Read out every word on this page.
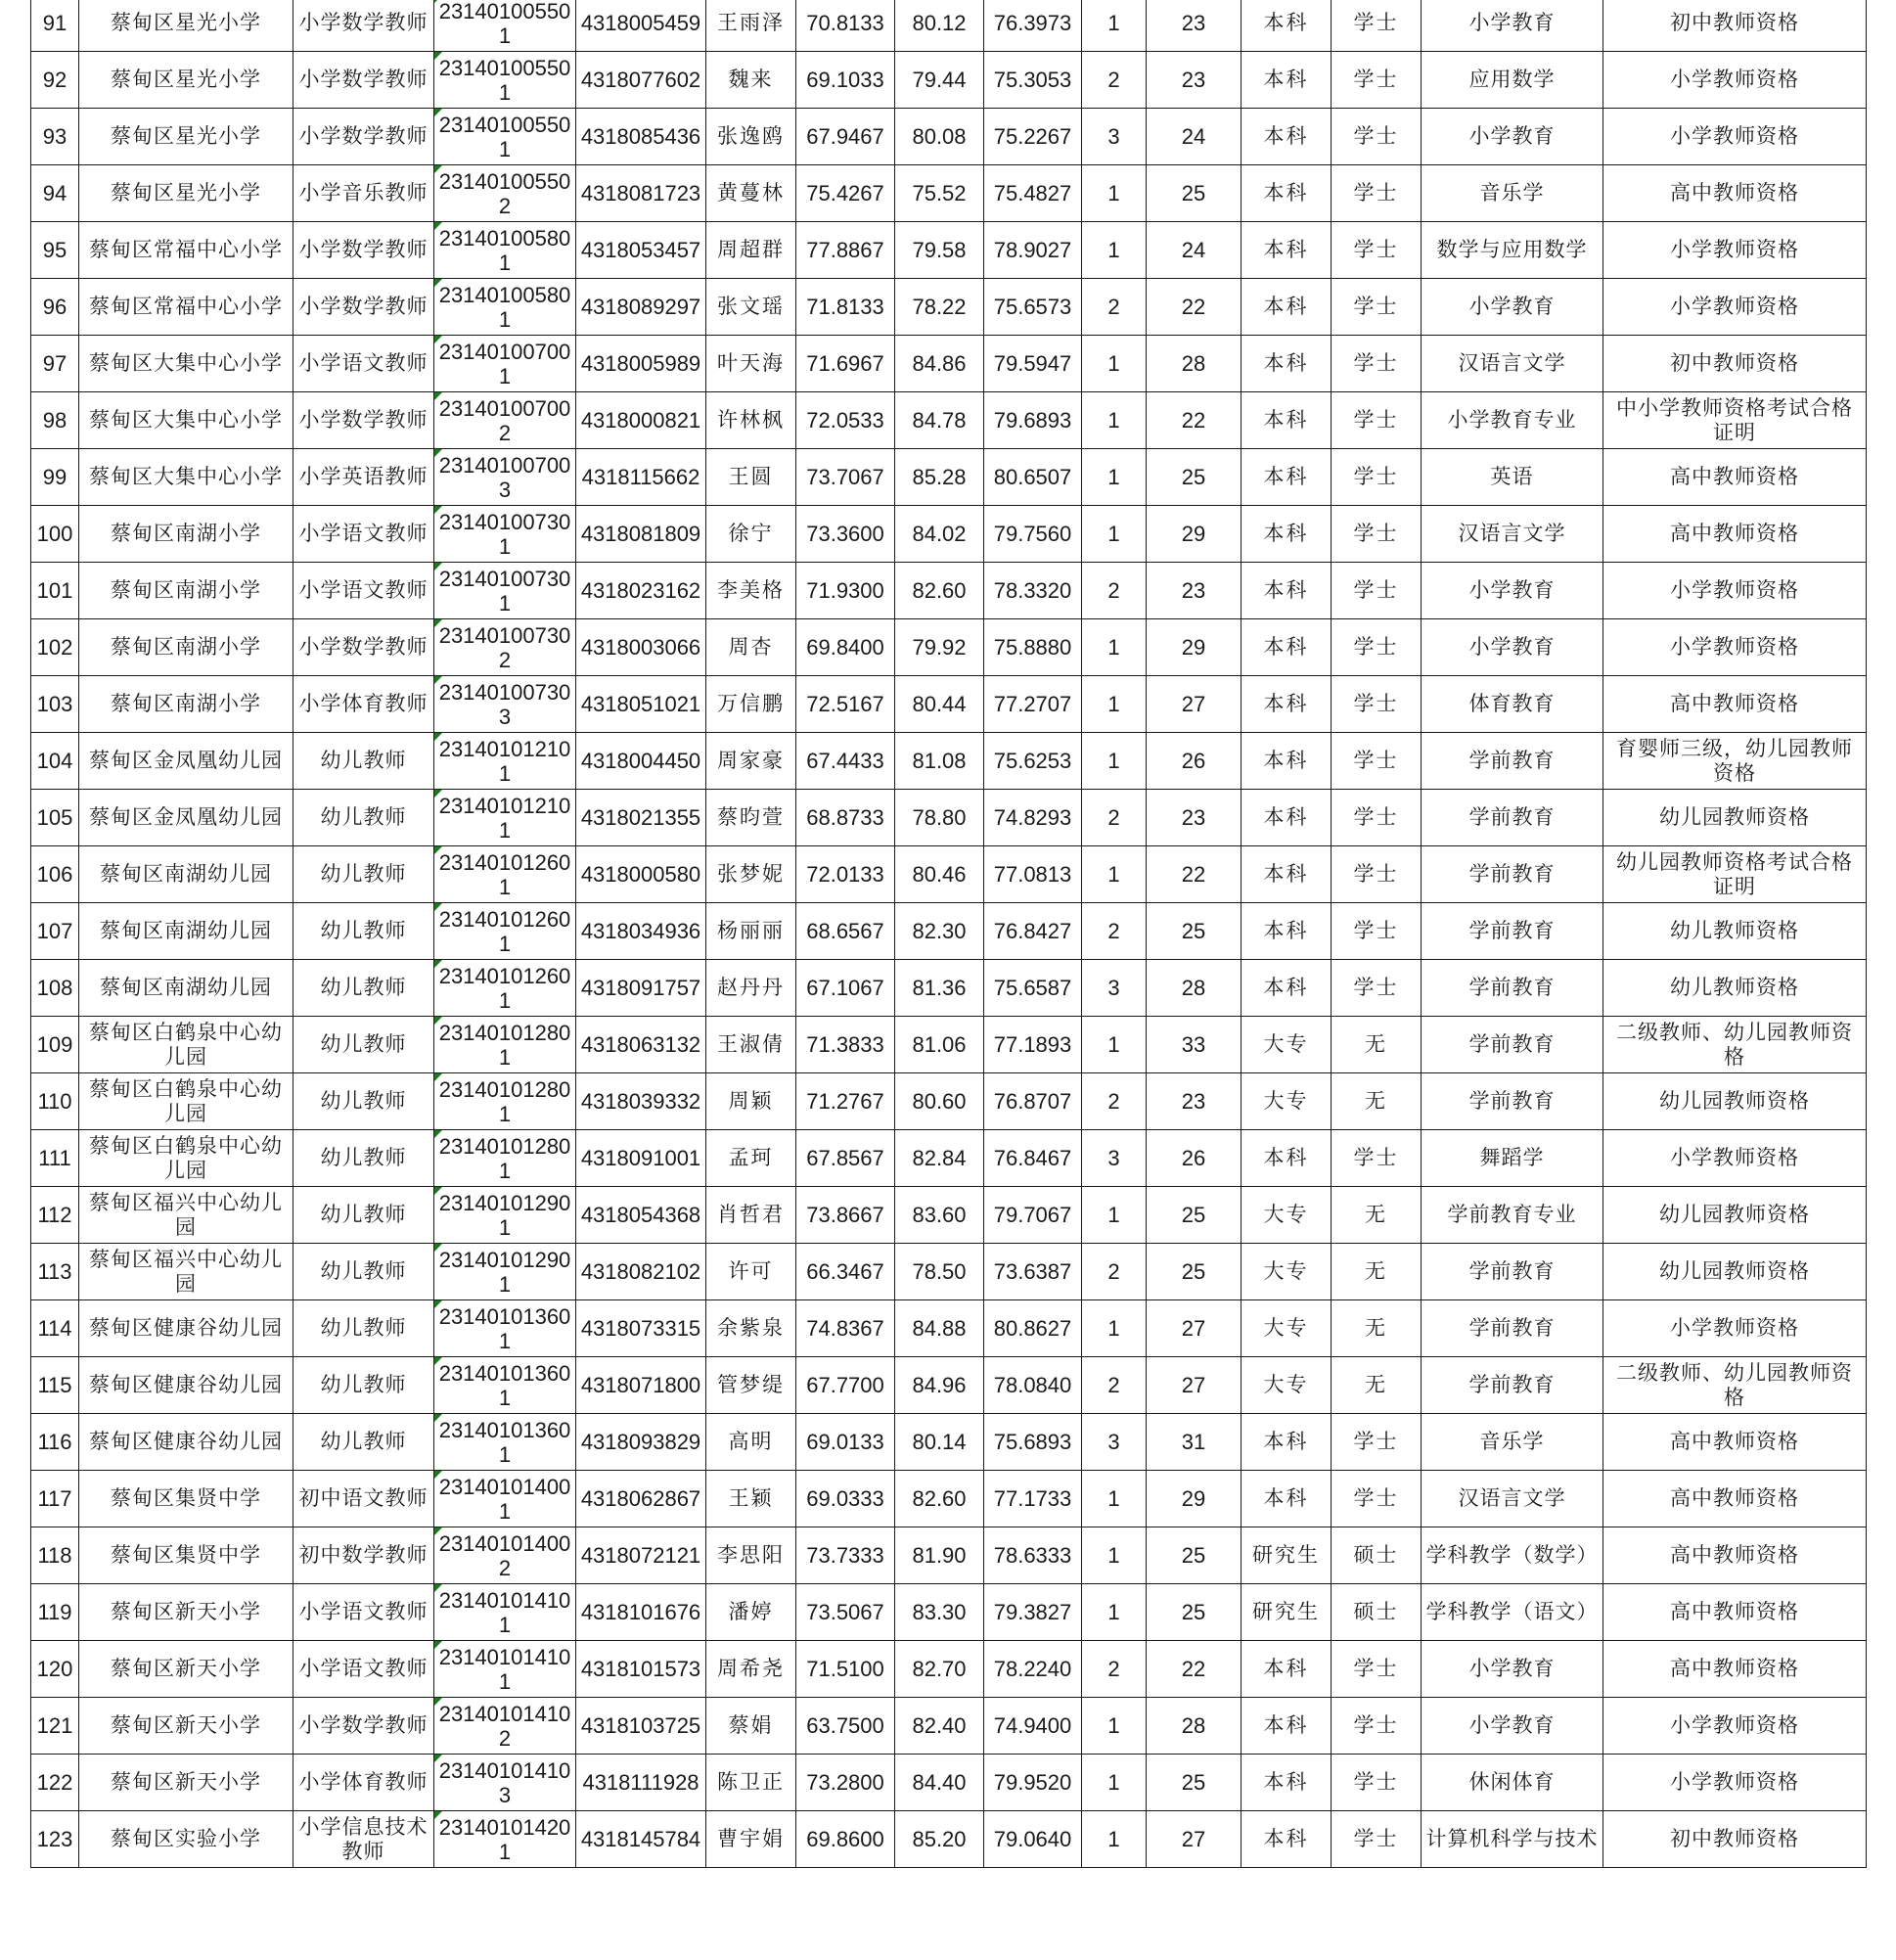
91	蔡甸区星光小学	小学数学教师	231401005501	4318005459	王雨泽	70.8133	80.12	76.3973	1	23	本科	学士	小学教育	初中教师资格
92	蔡甸区星光小学	小学数学教师	231401005501	4318077602	魏来	69.1033	79.44	75.3053	2	23	本科	学士	应用数学	小学教师资格
93	蔡甸区星光小学	小学数学教师	231401005501	4318085436	张逸鸥	67.9467	80.08	75.2267	3	24	本科	学士	小学教育	小学教师资格
94	蔡甸区星光小学	小学音乐教师	231401005502	4318081723	黄蔓林	75.4267	75.52	75.4827	1	25	本科	学士	音乐学	高中教师资格
95	蔡甸区常福中心小学	小学数学教师	231401005801	4318053457	周超群	77.8867	79.58	78.9027	1	24	本科	学士	数学与应用数学	小学教师资格
96	蔡甸区常福中心小学	小学数学教师	231401005801	4318089297	张文瑶	71.8133	78.22	75.6573	2	22	本科	学士	小学教育	小学教师资格
97	蔡甸区大集中心小学	小学语文教师	231401007001	4318005989	叶天海	71.6967	84.86	79.5947	1	28	本科	学士	汉语言文学	初中教师资格
98	蔡甸区大集中心小学	小学数学教师	231401007002	4318000821	许林枫	72.0533	84.78	79.6893	1	22	本科	学士	小学教育专业	中小学教师资格考试合格证明
99	蔡甸区大集中心小学	小学英语教师	231401007003	4318115662	王圆	73.7067	85.28	80.6507	1	25	本科	学士	英语	高中教师资格
100	蔡甸区南湖小学	小学语文教师	231401007301	4318081809	徐宁	73.3600	84.02	79.7560	1	29	本科	学士	汉语言文学	高中教师资格
101	蔡甸区南湖小学	小学语文教师	231401007301	4318023162	李美格	71.9300	82.60	78.3320	2	23	本科	学士	小学教育	小学教师资格
102	蔡甸区南湖小学	小学数学教师	231401007302	4318003066	周杏	69.8400	79.92	75.8880	1	29	本科	学士	小学教育	小学教师资格
103	蔡甸区南湖小学	小学体育教师	231401007303	4318051021	万信鹏	72.5167	80.44	77.2707	1	27	本科	学士	体育教育	高中教师资格
104	蔡甸区金凤凰幼儿园	幼儿教师	231401012101	4318004450	周家豪	67.4433	81.08	75.6253	1	26	本科	学士	学前教育	育婴师三级，幼儿园教师资格
105	蔡甸区金凤凰幼儿园	幼儿教师	231401012101	4318021355	蔡昀萱	68.8733	78.80	74.8293	2	23	本科	学士	学前教育	幼儿园教师资格
106	蔡甸区南湖幼儿园	幼儿教师	231401012601	4318000580	张梦妮	72.0133	80.46	77.0813	1	22	本科	学士	学前教育	幼儿园教师资格考试合格证明
107	蔡甸区南湖幼儿园	幼儿教师	231401012601	4318034936	杨丽丽	68.6567	82.30	76.8427	2	25	本科	学士	学前教育	幼儿教师资格
108	蔡甸区南湖幼儿园	幼儿教师	231401012601	4318091757	赵丹丹	67.1067	81.36	75.6587	3	28	本科	学士	学前教育	幼儿教师资格
109	蔡甸区白鹤泉中心幼儿园	幼儿教师	231401012801	4318063132	王淑倩	71.3833	81.06	77.1893	1	33	大专	无	学前教育	二级教师、幼儿园教师资格
110	蔡甸区白鹤泉中心幼儿园	幼儿教师	231401012801	4318039332	周颖	71.2767	80.60	76.8707	2	23	大专	无	学前教育	幼儿园教师资格
111	蔡甸区白鹤泉中心幼儿园	幼儿教师	231401012801	4318091001	孟珂	67.8567	82.84	76.8467	3	26	本科	学士	舞蹈学	小学教师资格
112	蔡甸区福兴中心幼儿园	幼儿教师	231401012901	4318054368	肖哲君	73.8667	83.60	79.7067	1	25	大专	无	学前教育专业	幼儿园教师资格
113	蔡甸区福兴中心幼儿园	幼儿教师	231401012901	4318082102	许可	66.3467	78.50	73.6387	2	25	大专	无	学前教育	幼儿园教师资格
114	蔡甸区健康谷幼儿园	幼儿教师	231401013601	4318073315	余紫泉	74.8367	84.88	80.8627	1	27	大专	无	学前教育	小学教师资格
115	蔡甸区健康谷幼儿园	幼儿教师	231401013601	4318071800	管梦缇	67.7700	84.96	78.0840	2	27	大专	无	学前教育	二级教师、幼儿园教师资格
116	蔡甸区健康谷幼儿园	幼儿教师	231401013601	4318093829	高明	69.0133	80.14	75.6893	3	31	本科	学士	音乐学	高中教师资格
117	蔡甸区集贤中学	初中语文教师	231401014001	4318062867	王颖	69.0333	82.60	77.1733	1	29	本科	学士	汉语言文学	高中教师资格
118	蔡甸区集贤中学	初中数学教师	231401014002	4318072121	李思阳	73.7333	81.90	78.6333	1	25	研究生	硕士	学科教学（数学）	高中教师资格
119	蔡甸区新天小学	小学语文教师	231401014101	4318101676	潘婷	73.5067	83.30	79.3827	1	25	研究生	硕士	学科教学（语文）	高中教师资格
120	蔡甸区新天小学	小学语文教师	231401014101	4318101573	周希尧	71.5100	82.70	78.2240	2	22	本科	学士	小学教育	高中教师资格
121	蔡甸区新天小学	小学数学教师	231401014102	4318103725	蔡娟	63.7500	82.40	74.9400	1	28	本科	学士	小学教育	小学教师资格
122	蔡甸区新天小学	小学体育教师	231401014103	4318111928	陈卫正	73.2800	84.40	79.9520	1	25	本科	学士	休闲体育	小学教师资格
123	蔡甸区实验小学	小学信息技术教师	231401014201	4318145784	曹宇娟	69.8600	85.20	79.0640	1	27	本科	学士	计算机科学与技术	初中教师资格
